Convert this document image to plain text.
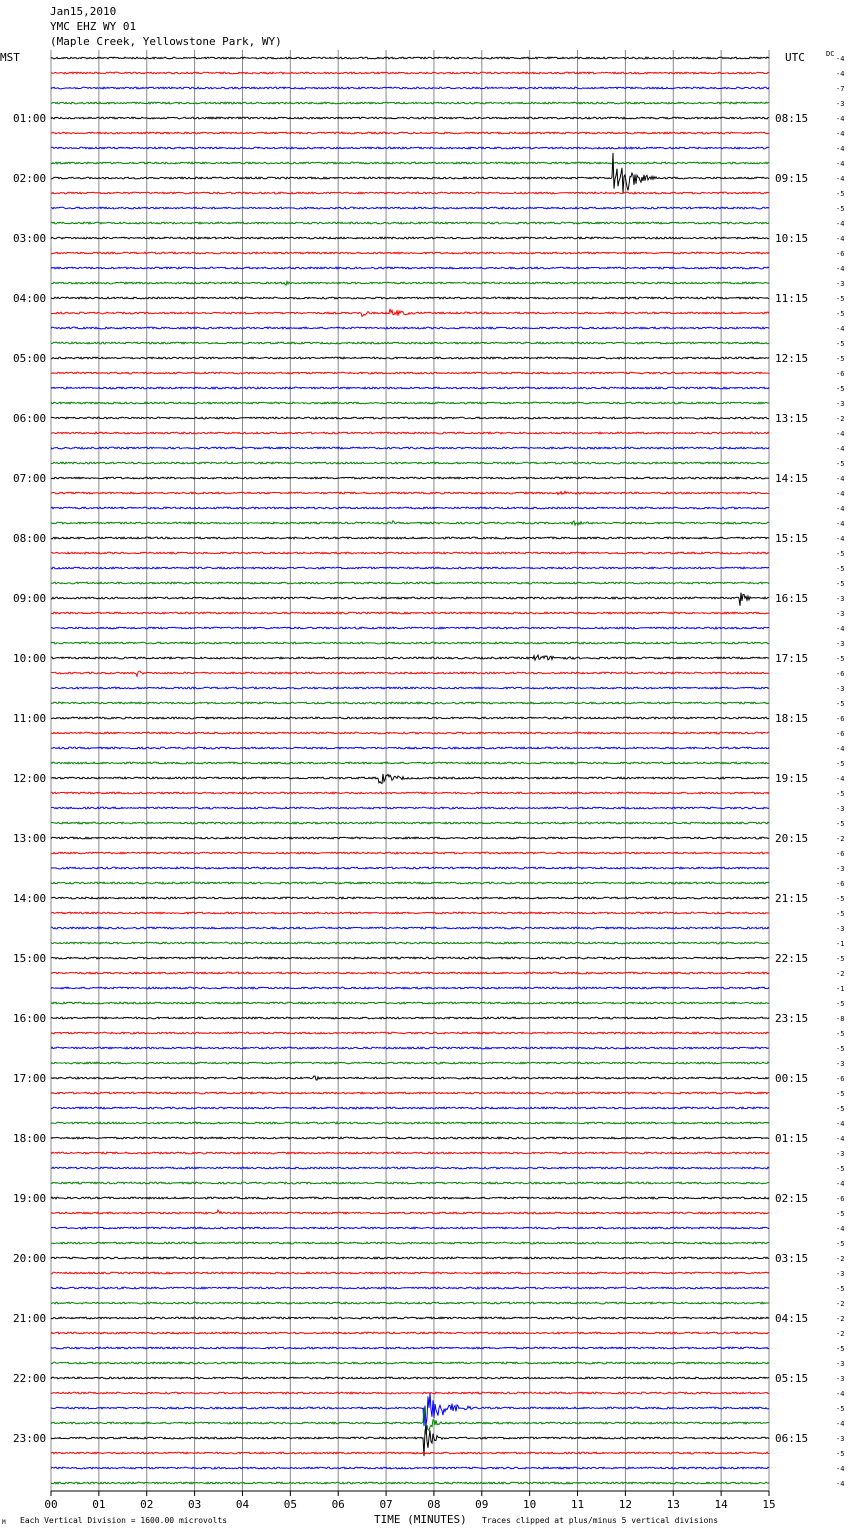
Jan15,2010
YMC EHZ WY 01
(Maple Creek, Yellowstone Park, WY)
MST	UTC	DC
01:00
02:00
03:00
04:00
05:00
06:00
07:00
08:00
09:00
10:00
11:00
12:00
13:00
14:00
15:00
16:00
17:00
18:00
19:00
20:00
21:00
22:00
23:00
08:15
09:15
10:15
11:15
12:15
13:15
14:15
15:15
16:15
17:15
18:15
19:15
20:15
21:15
22:15
23:15
00:15
01:15
02:15
03:15
04:15
05:15
06:15
-4
-4
-7
-3
-4
-4
-4
-4
-4
-5
-5
-4
-4
-6
-4
-3
-5
-5
-4
-5
-5
-6
-5
-3
-2
-4
-4
-5
-4
-4
-4
-4
-4
-5
-5
-5
-3
-3
-4
-3
-5
-6
-3
-5
-6
-6
-4
-5
-4
-5
-3
-5
-2
-6
-3
-6
-5
-5
-3
-1
-5
-2
-1
-5
-8
-5
-5
-3
-6
-5
-5
-4
-4
-3
-5
-4
-6
-5
-4
-5
-2
-3
-5
-2
-2
-2
-5
-3
-3
-4
-5
-4
-3
-5
-4
-4
00	01	02	03	04	05	06	07	08	09	10	11	12	13	14	15
M Each Vertical Division = 1600.00 microvolts	TIME (MINUTES) Traces clipped at plus/minus 5 vertical divisions
